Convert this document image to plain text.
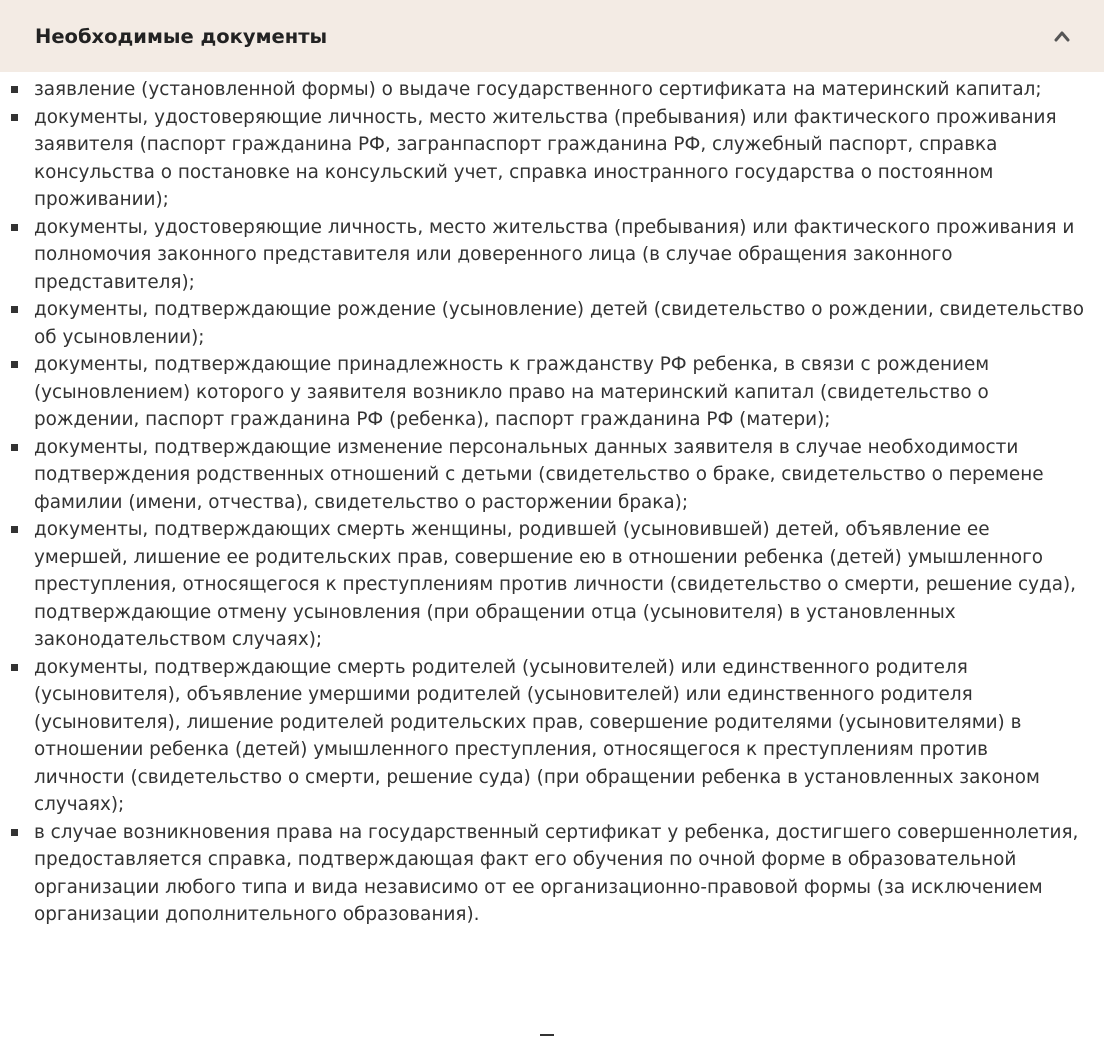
Необходимые документы
заявление (установленной формы) о выдаче государственного сертификата на материнский капитал;
документы, удостоверяющие личность, место жительства (пребывания) или фактического проживания заявителя (паспорт гражданина РФ, загранпаспорт гражданина РФ, служебный паспорт, справка консульства о постановке на консульский учет, справка иностранного государства о постоянном проживании);
документы, удостоверяющие личность, место жительства (пребывания) или фактического проживания и полномочия законного представителя или доверенного лица (в случае обращения законного представителя);
документы, подтверждающие рождение (усыновление) детей (свидетельство о рождении, свидетельство об усыновлении);
документы, подтверждающие принадлежность к гражданству РФ ребенка, в связи с рождением (усыновлением) которого у заявителя возникло право на материнский капитал (свидетельство о рождении, паспорт гражданина РФ (ребенка), паспорт гражданина РФ (матери);
документы, подтверждающие изменение персональных данных заявителя в случае необходимости подтверждения родственных отношений с детьми (свидетельство о браке, свидетельство о перемене фамилии (имени, отчества), свидетельство о расторжении брака);
документы, подтверждающих смерть женщины, родившей (усыновившей) детей, объявление ее умершей, лишение ее родительских прав, совершение ею в отношении ребенка (детей) умышленного преступления, относящегося к преступлениям против личности (свидетельство о смерти, решение суда), подтверждающие отмену усыновления (при обращении отца (усыновителя) в установленных законодательством случаях);
документы, подтверждающие смерть родителей (усыновителей) или единственного родителя (усыновителя), объявление умершими родителей (усыновителей) или единственного родителя (усыновителя), лишение родителей родительских прав, совершение родителями (усыновителями) в отношении ребенка (детей) умышленного преступления, относящегося к преступлениям против личности (свидетельство о смерти, решение суда) (при обращении ребенка в установленных законом случаях);
в случае возникновения права на государственный сертификат у ребенка, достигшего совершеннолетия, предоставляется справка, подтверждающая факт его обучения по очной форме в образовательной организации любого типа и вида независимо от ее организационно-правовой формы (за исключением организации дополнительного образования).
